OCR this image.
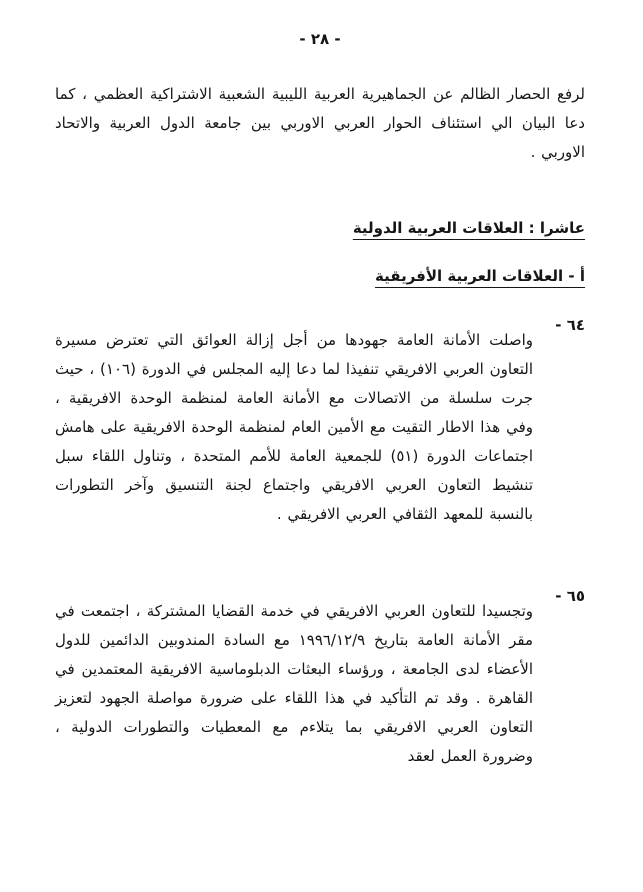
- ٢٨ -

لرفع الحصار الظالم عن الجماهيرية العربية الليبية الشعبية الاشتراكية العظمي ، كما دعا البيان الي استئناف الحوار العربي الاوربي بين جامعة الدول العربية والاتحاد الاوربي .

عاشرا : العلاقات العربية الدولية
أ - العلاقات العربية الأفريقية
٦٤ -

واصلت الأمانة العامة جهودها من أجل إزالة العوائق التي تعترض مسيرة التعاون العربي الافريقي تنفيذا لما دعا إليه المجلس في الدورة (١٠٦) ، حيث جرت سلسلة من الاتصالات مع الأمانة العامة لمنظمة الوحدة الافريقية ، وفي هذا الاطار التقيت مع الأمين العام لمنظمة الوحدة الافريقية على هامش اجتماعات الدورة (٥١) للجمعية العامة للأمم المتحدة ، وتناول اللقاء سبل تنشيط التعاون العربي الافريقي واجتماع لجنة التنسيق وآخر التطورات بالنسبة للمعهد الثقافي العربي الافريقي .

٦٥ -

وتجسيدا للتعاون العربي الافريقي في خدمة القضايا المشتركة ، اجتمعت في مقر الأمانة العامة بتاريخ ١٩٩٦/١٢/٩ مع السادة المندوبين الدائمين للدول الأعضاء لدى الجامعة ، ورؤساء البعثات الدبلوماسية الافريقية المعتمدين في القاهرة . وقد تم التأكيد في هذا اللقاء على ضرورة مواصلة الجهود لتعزيز التعاون العربي الافريقي بما يتلاءم مع المعطيات والتطورات الدولية ، وضرورة العمل لعقد
